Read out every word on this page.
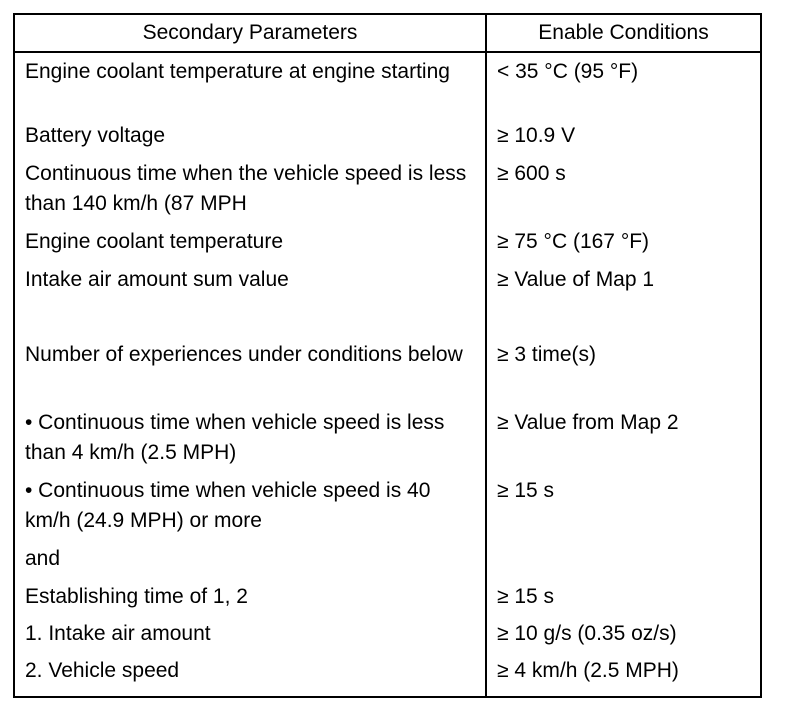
Secondary Parameters	Enable Conditions
Engine coolant temperature at engine starting	< 35 °C (95 °F)
Battery voltage	≥ 10.9 V
Continuous time when the vehicle speed is less than 140 km/h (87 MPH	≥ 600 s
Engine coolant temperature	≥ 75 °C (167 °F)
Intake air amount sum value	≥ Value of Map 1
Number of experiences under conditions below	≥ 3 time(s)
• Continuous time when vehicle speed is less than 4 km/h (2.5 MPH)	≥ Value from Map 2
• Continuous time when vehicle speed is 40 km/h (24.9 MPH) or more	≥ 15 s
and	
Establishing time of 1, 2	≥ 15 s
1. Intake air amount	≥ 10 g/s (0.35 oz/s)
2. Vehicle speed	≥ 4 km/h (2.5 MPH)
